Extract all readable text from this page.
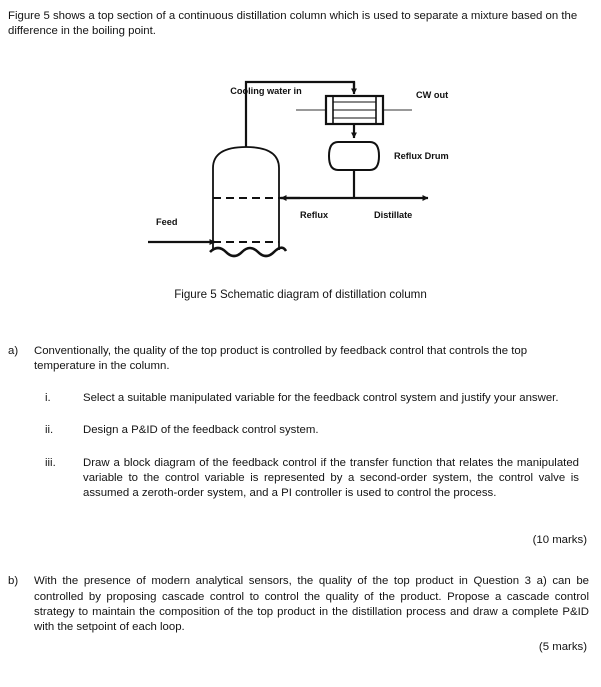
Figure 5 shows a top section of a continuous distillation column which is used to separate a mixture based on the difference in the boiling point.
Cooling water in	CW out
Reflux Drum
Reflux	Distillate
Feed
Figure 5 Schematic diagram of distillation column
a)	Conventionally, the quality of the top product is controlled by feedback control that controls the top temperature in the column.
i.	Select a suitable manipulated variable for the feedback control system and justify your answer.
ii.	Design a P&ID of the feedback control system.
iii.	Draw a block diagram of the feedback control if the transfer function that relates the manipulated variable to the control variable is represented by a second-order system, the control valve is assumed a zeroth-order system, and a PI controller is used to control the process.
(10 marks)
b)	With the presence of modern analytical sensors, the quality of the top product in Question 3 a) can be controlled by proposing cascade control to control the quality of the product. Propose a cascade control strategy to maintain the composition of the top product in the distillation process and draw a complete P&ID with the setpoint of each loop.
(5 marks)
